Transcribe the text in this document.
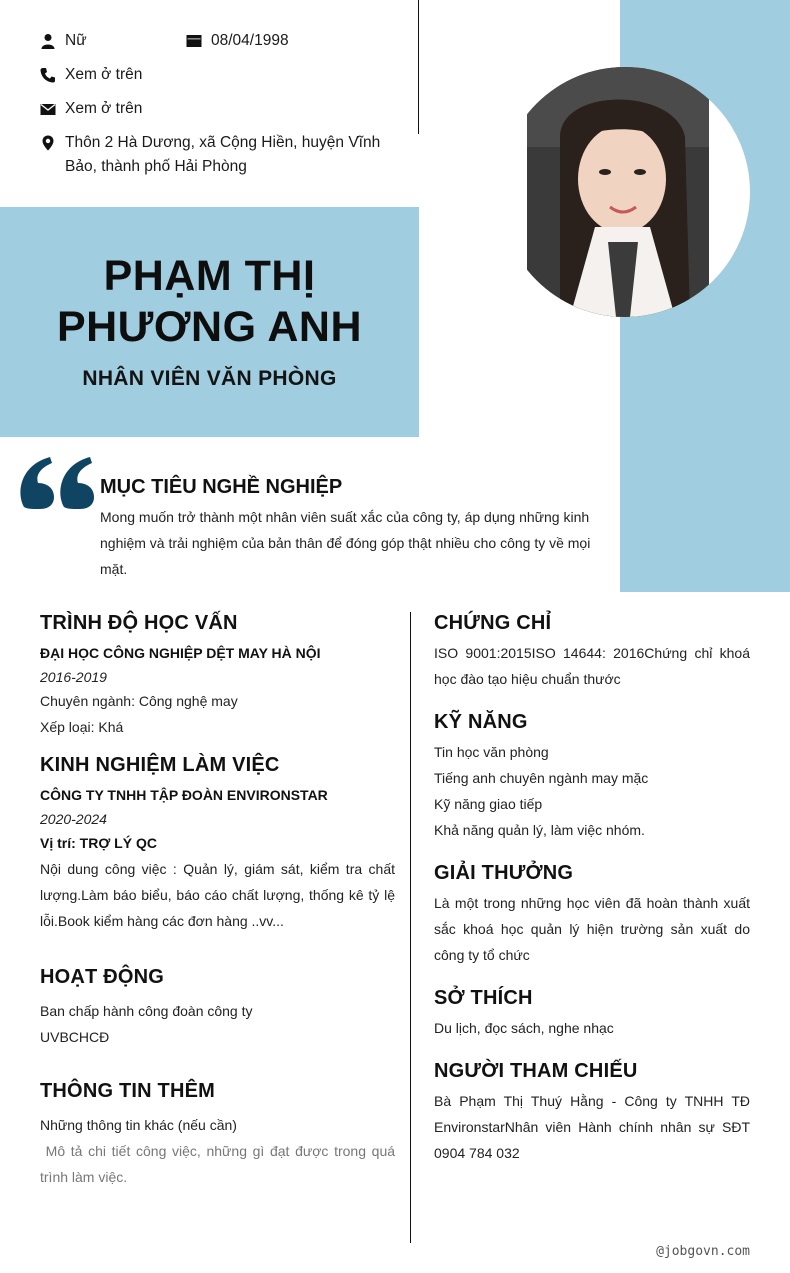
Nữ	08/04/1998
Xem ở trên
Xem ở trên
Thôn 2 Hà Dương, xã Cộng Hiền, huyện Vĩnh Bảo, thành phố Hải Phòng
PHẠM THỊ
PHƯƠNG ANH
NHÂN VIÊN VĂN PHÒNG
MỤC TIÊU NGHỀ NGHIỆP
Mong muốn trở thành một nhân viên suất xắc của công ty, áp dụng những kinh nghiệm và trải nghiệm của bản thân để đóng góp thật nhiều cho công ty về mọi mặt.
TRÌNH ĐỘ HỌC VẤN
ĐẠI HỌC CÔNG NGHIỆP DỆT MAY HÀ NỘI
2016-2019
Chuyên ngành: Công nghệ may
Xếp loại: Khá
KINH NGHIỆM LÀM VIỆC
CÔNG TY TNHH TẬP ĐOÀN ENVIRONSTAR
2020-2024
Vị trí: TRỢ LÝ QC
Nội dung công việc : Quản lý, giám sát, kiểm tra chất lượng.Làm báo biểu, báo cáo chất lượng, thống kê tỷ lệ lỗi.Book kiểm hàng các đơn hàng ..vv...
HOẠT ĐỘNG
Ban chấp hành công đoàn công ty
UVBCHCĐ
THÔNG TIN THÊM
Những thông tin khác (nếu cần)
Mô tả chi tiết công việc, những gì đạt được trong quá trình làm việc.
CHỨNG CHỈ
ISO 9001:2015ISO 14644: 2016Chứng chỉ khoá học đào tạo hiệu chuẩn thước
KỸ NĂNG
Tin học văn phòng
Tiếng anh chuyên ngành may mặc
Kỹ năng giao tiếp
Khả năng quản lý, làm việc nhóm.
GIẢI THƯỞNG
Là một trong những học viên đã hoàn thành xuất sắc khoá học quản lý hiện trường sản xuất do công ty tổ chức
SỞ THÍCH
Du lịch, đọc sách, nghe nhạc
NGƯỜI THAM CHIẾU
Bà Phạm Thị Thuý Hằng - Công ty TNHH TĐ EnvironstarNhân viên Hành chính nhân sự SĐT 0904 784 032
@jobgovn.com
